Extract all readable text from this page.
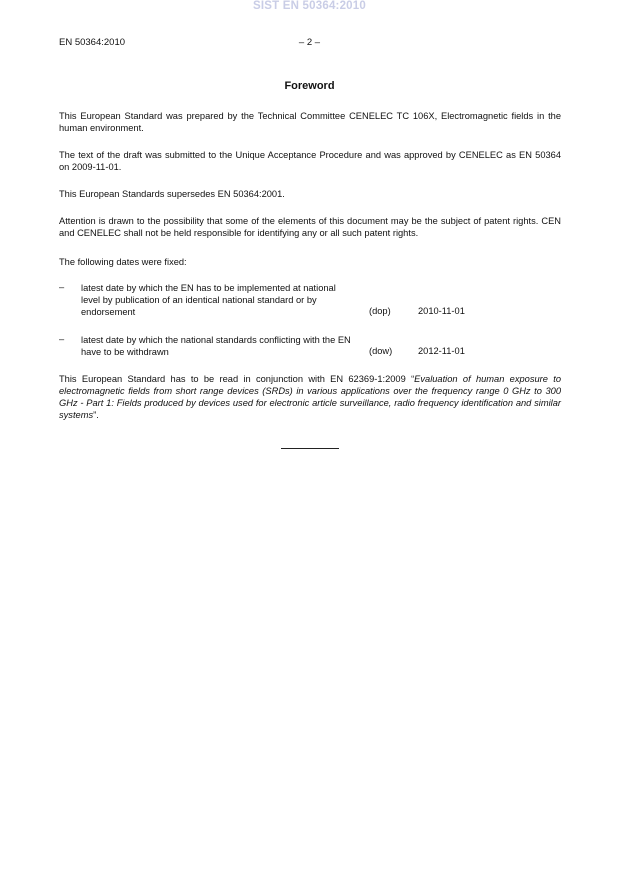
SIST EN 50364:2010
EN 50364:2010	– 2 –
Foreword

This European Standard was prepared by the Technical Committee CENELEC TC 106X, Electromagnetic fields in the human environment.

The text of the draft was submitted to the Unique Acceptance Procedure and was approved by CENELEC as EN 50364 on 2009-11-01.

This European Standards supersedes EN 50364:2001.

Attention is drawn to the possibility that some of the elements of this document may be the subject of patent rights. CEN and CENELEC shall not be held responsible for identifying any or all such patent rights.

The following dates were fixed:

– latest date by which the EN has to be implemented at national level by publication of an identical national standard or by endorsement	(dop)	2010-11-01
– latest date by which the national standards conflicting with the EN have to be withdrawn	(dow)	2012-11-01

This European Standard has to be read in conjunction with EN 62369-1:2009 “Evaluation of human exposure to electromagnetic fields from short range devices (SRDs) in various applications over the frequency range 0 GHz to 300 GHz - Part 1: Fields produced by devices used for electronic article surveillance, radio frequency identification and similar systems”.
